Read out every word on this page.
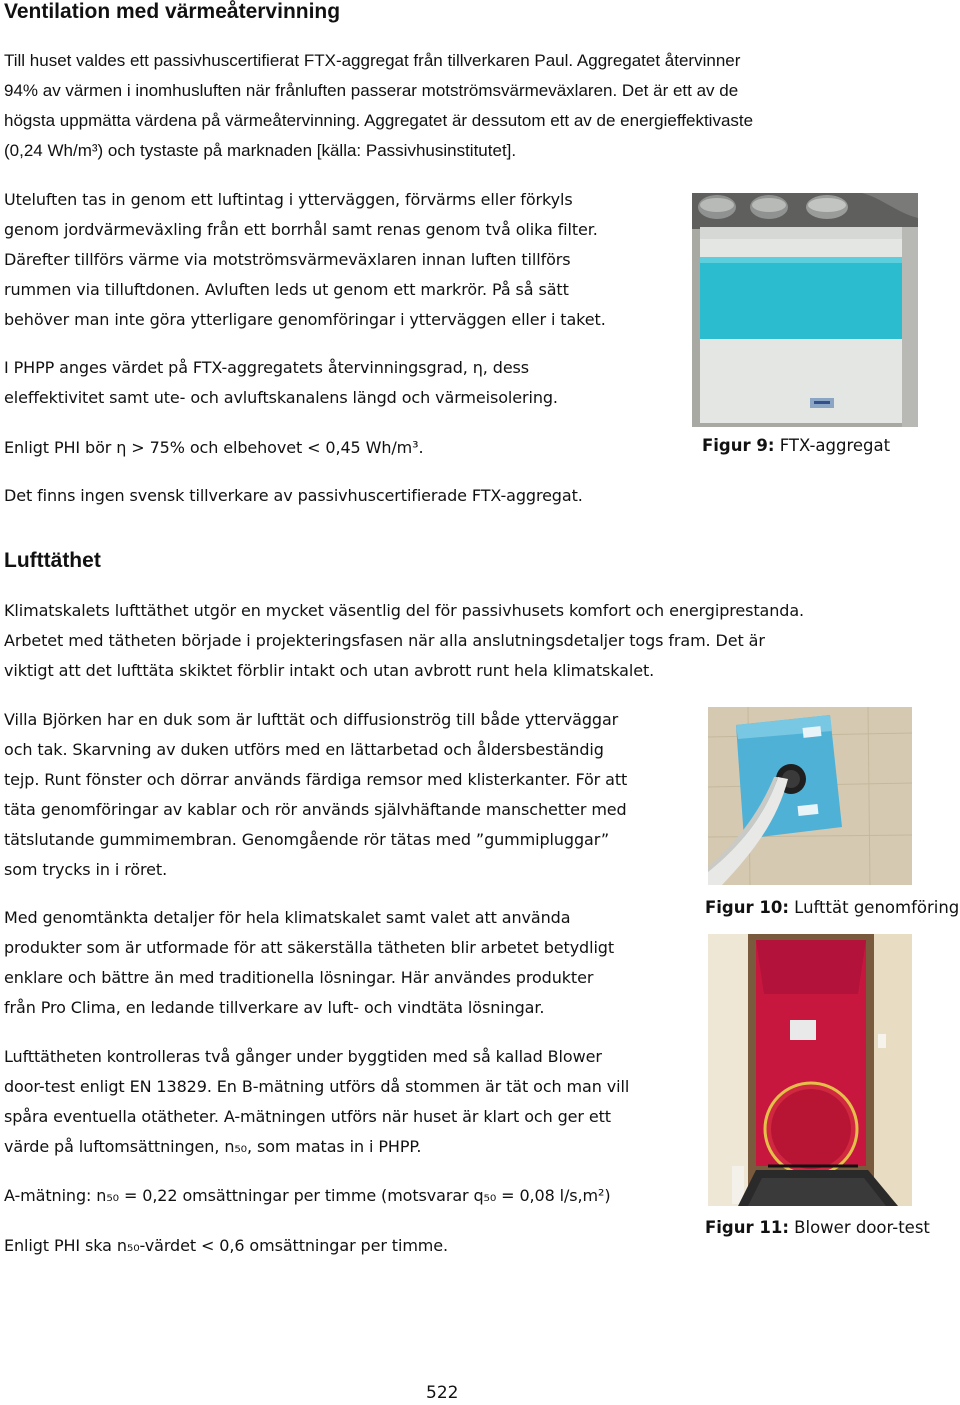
Ventilation med värmeåtervinning

Till huset valdes ett passivhuscertifierat FTX-aggregat från tillverkaren Paul. Aggregatet återvinner
94% av värmen i inomhusluften när frånluften passerar motströmsvärmeväxlaren. Det är ett av de
högsta uppmätta värdena på värmeåtervinning. Aggregatet är dessutom ett av de energieffektivaste
(0,24 Wh/m³) och tystaste på marknaden [källa: Passivhusinstitutet].

Uteluften tas in genom ett luftintag i ytterväggen, förvärms eller förkyls
genom jordvärmeväxling från ett borrhål samt renas genom två olika filter.
Därefter tillförs värme via motströmsvärmeväxlaren innan luften tillförs
rummen via tilluftdonen. Avluften leds ut genom ett markrör. På så sätt
behöver man inte göra ytterligare genomföringar i ytterväggen eller i taket.

I PHPP anges värdet på FTX-aggregatets återvinningsgrad, η, dess
eleffektivitet samt ute- och avluftskanalens längd och värmeisolering.

Enligt PHI bör η > 75% och elbehovet < 0,45 Wh/m³.

Det finns ingen svensk tillverkare av passivhuscertifierade FTX-aggregat.

Figur 9: FTX-aggregat
Lufttäthet

Klimatskalets lufttäthet utgör en mycket väsentlig del för passivhusets komfort och energiprestanda.
Arbetet med tätheten började i projekteringsfasen när alla anslutningsdetaljer togs fram. Det är
viktigt att det lufttäta skiktet förblir intakt och utan avbrott runt hela klimatskalet.

Villa Björken har en duk som är lufttät och diffusionströg till både ytterväggar
och tak. Skarvning av duken utförs med en lättarbetad och åldersbeständig
tejp. Runt fönster och dörrar används färdiga remsor med klisterkanter. För att
täta genomföringar av kablar och rör används självhäftande manschetter med
tätslutande gummimembran. Genomgående rör tätas med ”gummipluggar”
som trycks in i röret.

Med genomtänkta detaljer för hela klimatskalet samt valet att använda
produkter som är utformade för att säkerställa tätheten blir arbetet betydligt
enklare och bättre än med traditionella lösningar. Här användes produkter
från Pro Clima, en ledande tillverkare av luft- och vindtäta lösningar.

Lufttätheten kontrolleras två gånger under byggtiden med så kallad Blower
door-test enligt EN 13829. En B-mätning utförs då stommen är tät och man vill
spåra eventuella otätheter. A-mätningen utförs när huset är klart och ger ett
värde på luftomsättningen, n₅₀, som matas in i PHPP.

A-mätning: n₅₀ = 0,22 omsättningar per timme (motsvarar q₅₀ = 0,08 l/s,m²)

Enligt PHI ska n₅₀-värdet < 0,6 omsättningar per timme.

Figur 10: Lufttät genomföring
Figur 11: Blower door-test
522
